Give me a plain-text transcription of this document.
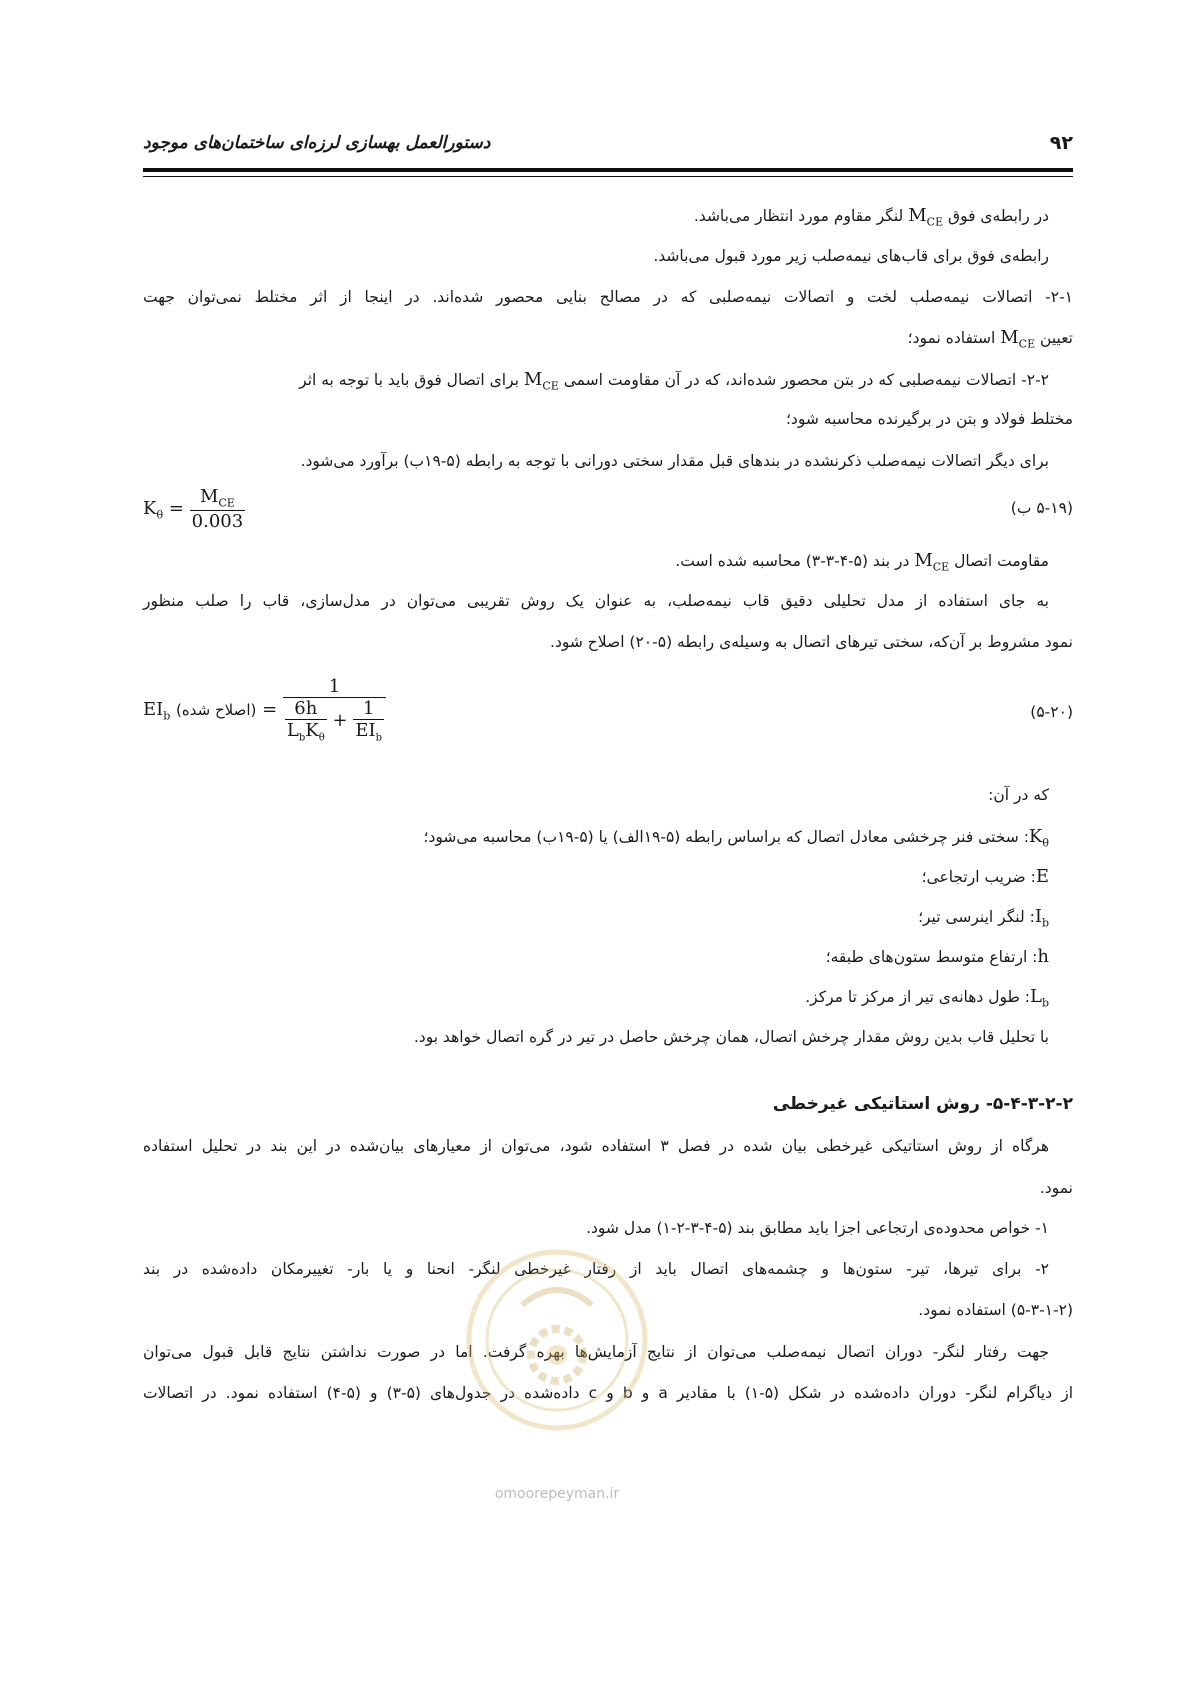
۹۲
دستورالعمل بهسازی لرزه‌ای ساختمان‌های موجود
در رابطه‌ی فوق $M_{CE}$ لنگر مقاوم مورد انتظار می‌باشد.
رابطه‌ی فوق برای قاب‌های نیمه‌صلب زیر مورد قبول می‌باشد.
۲-۱- اتصالات نیمه‌صلب لخت و اتصالات نیمه‌صلبی که در مصالح بنایی محصور شده‌اند. در اینجا از اثر مختلط نمی‌توان جهت
تعیین $M_{CE}$ استفاده نمود؛
۲-۲- اتصالات نیمه‌صلبی که در بتن محصور شده‌اند، که در آن مقاومت اسمی $M_{CE}$ برای اتصال فوق باید با توجه به اثر
مختلط فولاد و بتن در برگیرنده محاسبه شود؛
برای دیگر اتصالات نیمه‌صلب ذکرنشده در بندهای قبل مقدار سختی دورانی با توجه به رابطه (۵-۱۹ب) برآورد می‌شود.
(۵-۱۹ ب)
$K_\theta = \frac{M_{CE}}{0.003}$
مقاومت اتصال $M_{CE}$ در بند (۵-۴-۳-۳) محاسبه شده است.
به جای استفاده از مدل تحلیلی دقیق قاب نیمه‌صلب، به عنوان یک روش تقریبی می‌توان در مدل‌سازی، قاب را صلب منظور
نمود مشروط بر آن‌که، سختی تیرهای اتصال به وسیله‌ی رابطه (۵-۲۰) اصلاح شود.
(۵-۲۰)
$EI_b$ (اصلاح شده) =
1
$\frac{6h}{L_bK_\theta} + \frac{1}{EI_b}$
که در آن:
$K_\theta$: سختی فنر چرخشی معادل اتصال که براساس رابطه (۵-۱۹الف) یا (۵-۱۹ب) محاسبه می‌شود؛
E: ضریب ارتجاعی؛
$I_b$: لنگر اینرسی تیر؛
h: ارتفاع متوسط ستون‌های طبقه؛
$L_b$: طول دهانه‌ی تیر از مرکز تا مرکز.
با تحلیل قاب بدین روش مقدار چرخش اتصال، همان چرخش حاصل در تیر در گره اتصال خواهد بود.
۵-۴-۳-۲-۲- روش استاتیکی غیرخطی
هرگاه از روش استاتیکی غیرخطی بیان شده در فصل ۳ استفاده شود، می‌توان از معیارهای بیان‌شده در این بند در تحلیل استفاده
نمود.
۱- خواص محدوده‌ی ارتجاعی اجزا باید مطابق بند (۵-۴-۳-۲-۱) مدل شود.
۲- برای تیرها، تیر- ستون‌ها و چشمه‌های اتصال باید از رفتار غیرخطی لنگر- انحنا و یا بار- تغییرمکان داده‌شده در بند
(۵-۳-۱-۲) استفاده نمود.
جهت رفتار لنگر- دوران اتصال نیمه‌صلب می‌توان از نتایج آزمایش‌ها بهره گرفت. اما در صورت نداشتن نتایج قابل قبول می‌توان
از دیاگرام لنگر- دوران داده‌شده در شکل (۵-۱) با مقادیر a و b و c داده‌شده در جدول‌های (۵-۳) و (۵-۴) استفاده نمود. در اتصالات
omoorepeyman.ir
